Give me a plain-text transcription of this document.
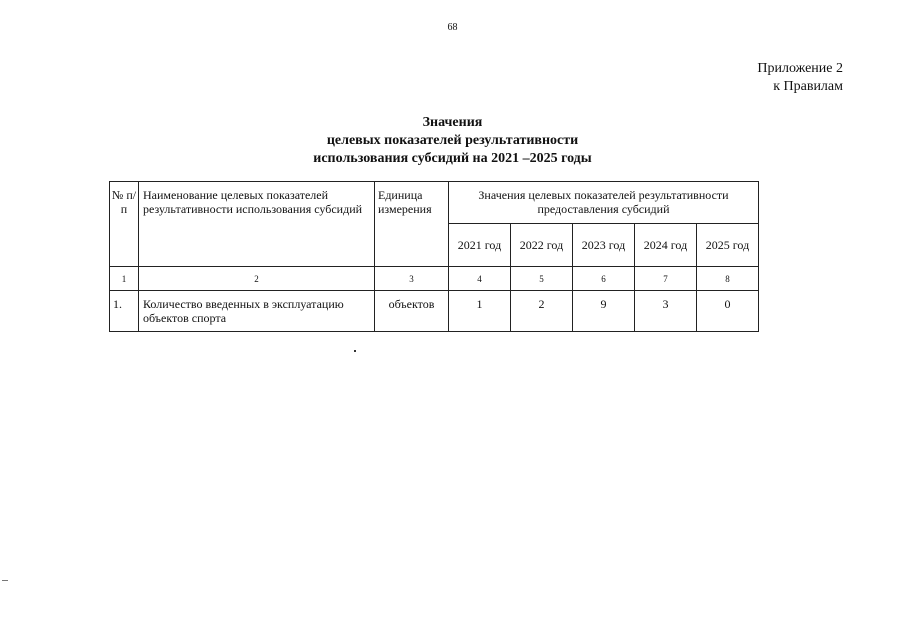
68
Приложение 2
к Правилам
Значения
целевых показателей результативности
использования субсидий на 2021 –2025 годы
№ п/п	Наименование целевых показателей результативности использования субсидий	Единица измерения	Значения целевых показателей результативности предоставления субсидий				
			2021 год	2022 год	2023 год	2024 год	2025 год
1	2	3	4	5	6	7	8
1.	Количество введенных в эксплуатацию объектов спорта	объектов	1	2	9	3	0
